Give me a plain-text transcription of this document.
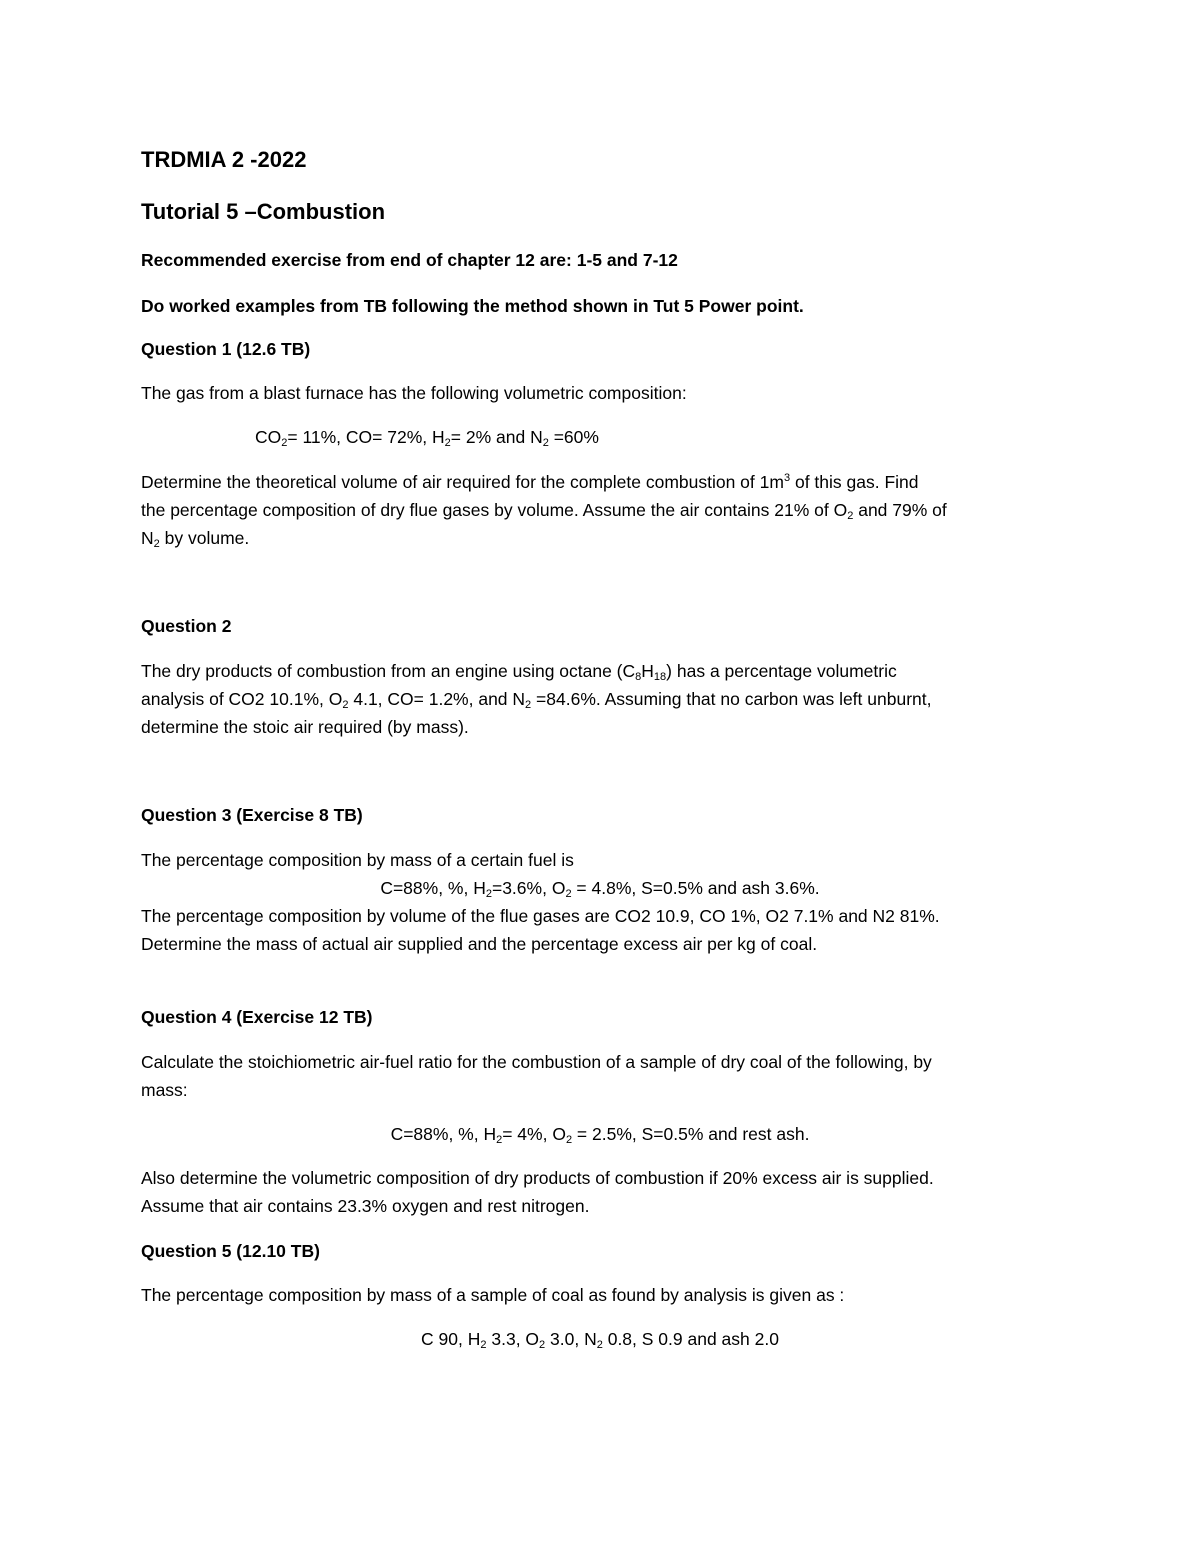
TRDMIA 2 -2022

Tutorial 5 –Combustion

Recommended exercise from end of chapter 12 are: 1-5 and 7-12

Do worked examples from TB following the method shown in Tut 5 Power point.

Question 1 (12.6 TB)

The gas from a blast furnace has the following volumetric composition:

$CO_2= 11\%$, CO= 72%, $H_2= 2\%$ and $N_2 =60\%$

Determine the theoretical volume of air required for the complete combustion of $1m^3$ of this gas. Find

the percentage composition of dry flue gases by volume. Assume the air contains 21% of $O_2$ and 79% of

$N_2$ by volume.

Question 2

The dry products of combustion from an engine using octane $(C_8H_{18})$ has a percentage volumetric

analysis of CO2 10.1%, $O_2$ 4.1, CO= 1.2%, and $N_2 =84.6\%$. Assuming that no carbon was left unburnt,

determine the stoic air required (by mass).

Question 3 (Exercise 8 TB)

The percentage composition by mass of a certain fuel is

C=88%, %, $H_2=3.6\%$, $O_2 = 4.8\%$, S=0.5% and ash 3.6%.

The percentage composition by volume of the flue gases are CO2 10.9, CO 1%, O2 7.1% and N2 81%.

Determine the mass of actual air supplied and the percentage excess air per kg of coal.

Question 4 (Exercise 12 TB)

Calculate the stoichiometric air-fuel ratio for the combustion of a sample of dry coal of the following, by

mass:

C=88%, %, $H_2= 4\%$, $O_2 = 2.5\%$, S=0.5% and rest ash.

Also determine the volumetric composition of dry products of combustion if 20% excess air is supplied.

Assume that air contains 23.3% oxygen and rest nitrogen.

Question 5 (12.10 TB)

The percentage composition by mass of a sample of coal as found by analysis is given as :

C 90, $H_2$ 3.3, $O_2$ 3.0, $N_2$ 0.8, S 0.9 and ash 2.0
